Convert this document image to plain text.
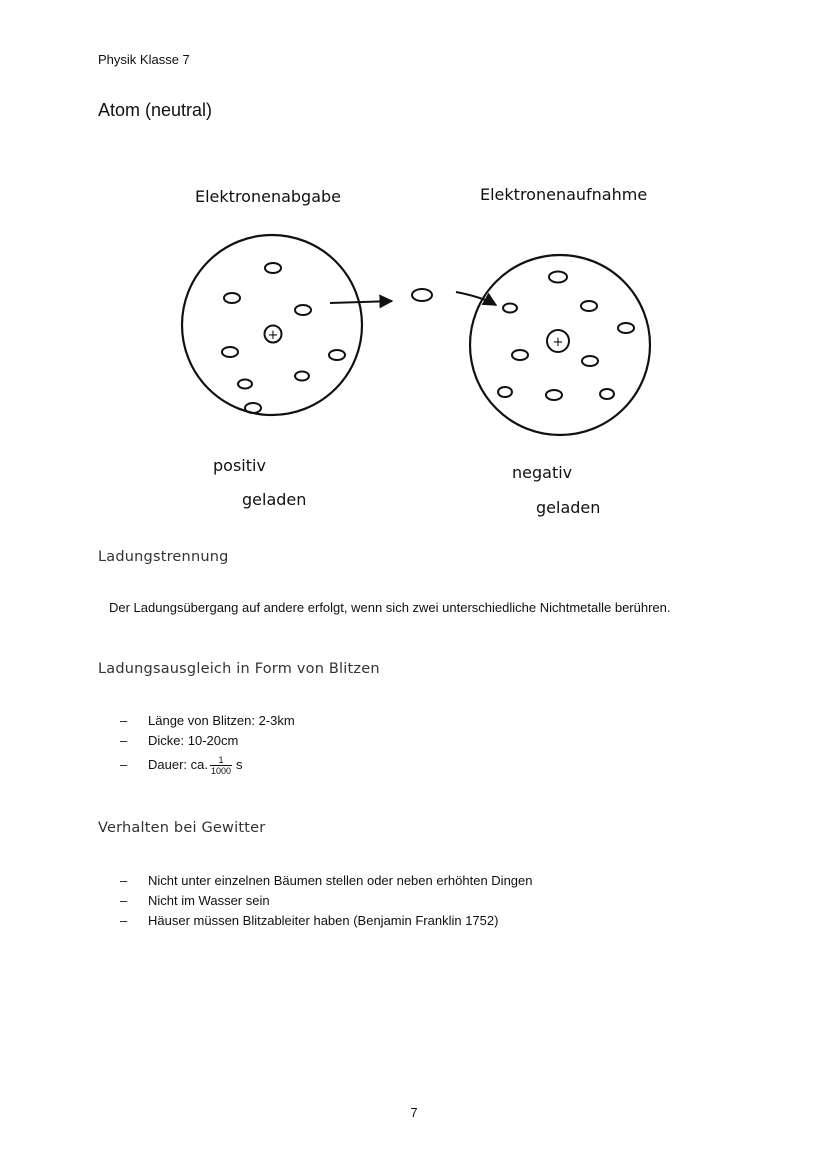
Physik Klasse 7
Atom (neutral)
Elektronenabgabe	Elektronenaufnahme
+	+
positiv
geladen
negativ
geladen
Ladungstrennung
Der Ladungsübergang auf andere erfolgt, wenn sich zwei unterschiedliche Nichtmetalle berühren.
Ladungsausgleich in Form von Blitzen
– Länge von Blitzen: 2-3km
– Dicke: 10-20cm
– Dauer: ca. $\frac{1}{1000}$ s
Verhalten bei Gewitter
– Nicht unter einzelnen Bäumen stellen oder neben erhöhten Dingen
– Nicht im Wasser sein
– Häuser müssen Blitzableiter haben (Benjamin Franklin 1752)
7
